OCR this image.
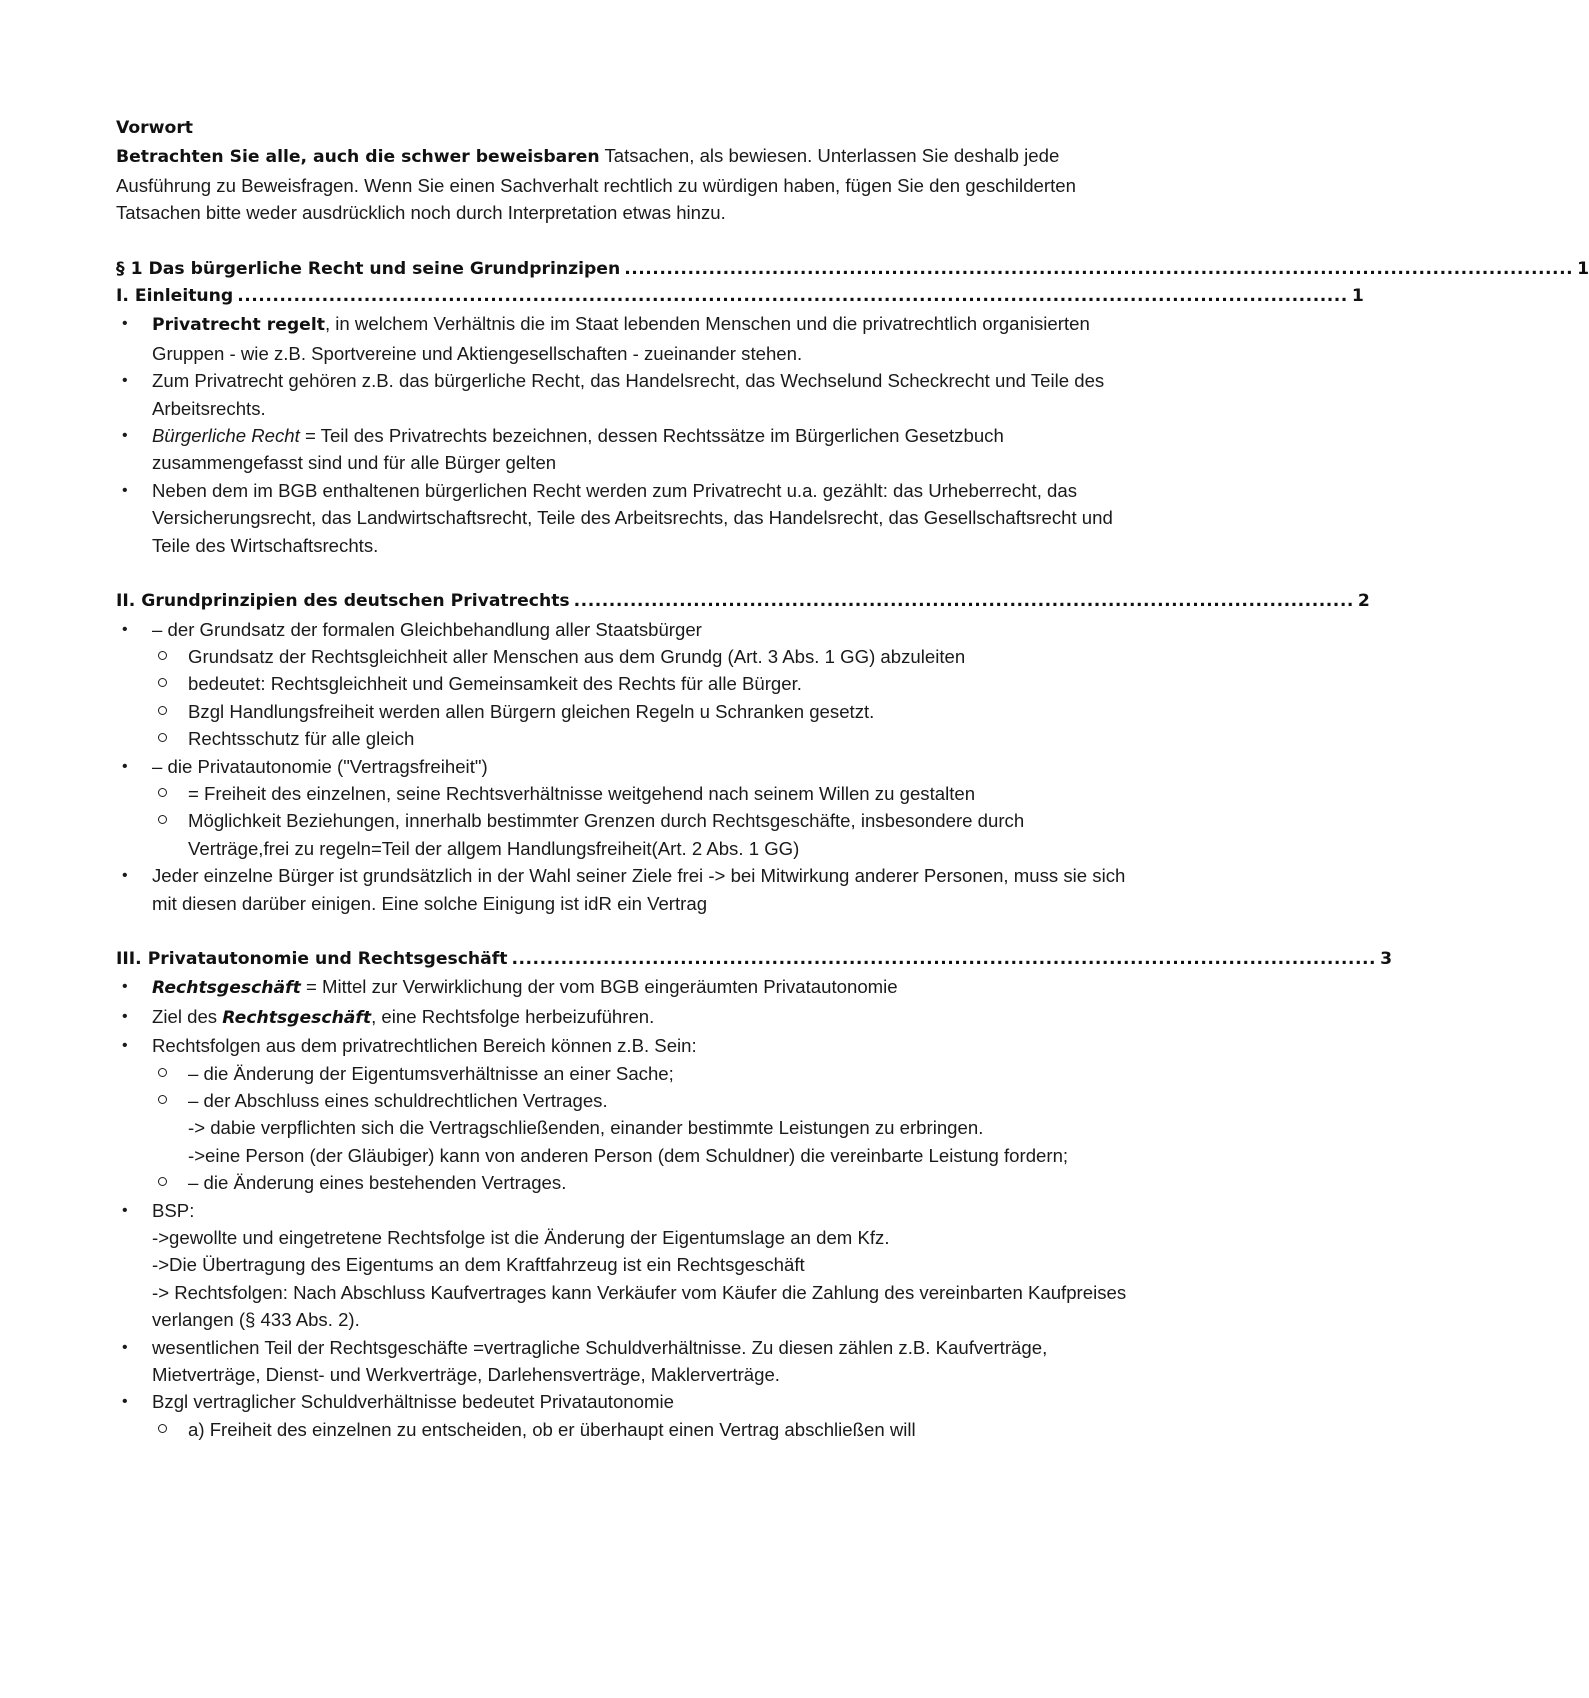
Vorwort

Betrachten Sie alle, auch die schwer beweisbaren Tatsachen, als bewiesen. Unterlassen Sie deshalb jede Ausführung zu Beweisfragen. Wenn Sie einen Sachverhalt rechtlich zu würdigen haben, fügen Sie den geschilderten Tatsachen bitte weder ausdrücklich noch durch Interpretation etwas hinzu.

§ 1 Das bürgerliche Recht und seine Grundprinzipen ....................................................................................................................................... 1
I. Einleitung .............................................................................................................................................................. 1
• Privatrecht regelt, in welchem Verhältnis die im Staat lebenden Menschen und die privatrechtlich organisierten Gruppen - wie z.B. Sportvereine und Aktiengesellschaften - zueinander stehen.
• Zum Privatrecht gehören z.B. das bürgerliche Recht, das Handelsrecht, das Wechselund Scheckrecht und Teile des Arbeitsrechts.
• Bürgerliche Recht = Teil des Privatrechts bezeichnen, dessen Rechtssätze im Bürgerlichen Gesetzbuch zusammengefasst sind und für alle Bürger gelten
• Neben dem im BGB enthaltenen bürgerlichen Recht werden zum Privatrecht u.a. gezählt: das Urheberrecht, das Versicherungsrecht, das Landwirtschaftsrecht, Teile des Arbeitsrechts, das Handelsrecht, das Gesellschaftsrecht und Teile des Wirtschaftsrechts.
II. Grundprinzipien des deutschen Privatrechts ............................................................................................................... 2
• – der Grundsatz der formalen Gleichbehandlung aller Staatsbürger
Grundsatz der Rechtsgleichheit aller Menschen aus dem Grundg (Art. 3 Abs. 1 GG) abzuleiten
bedeutet: Rechtsgleichheit und Gemeinsamkeit des Rechts für alle Bürger.
Bzgl Handlungsfreiheit werden allen Bürgern gleichen Regeln u Schranken gesetzt.
Rechtsschutz für alle gleich
• – die Privatautonomie ("Vertragsfreiheit")
= Freiheit des einzelnen, seine Rechtsverhältnisse weitgehend nach seinem Willen zu gestalten
Möglichkeit Beziehungen, innerhalb bestimmter Grenzen durch Rechtsgeschäfte, insbesondere durch Verträge,frei zu regeln=Teil der allgem Handlungsfreiheit(Art. 2 Abs. 1 GG)
• Jeder einzelne Bürger ist grundsätzlich in der Wahl seiner Ziele frei -> bei Mitwirkung anderer Personen, muss sie sich mit diesen darüber einigen. Eine solche Einigung ist idR ein Vertrag
III. Privatautonomie und Rechtsgeschäft ........................................................................................................................... 3
• Rechtsgeschäft = Mittel zur Verwirklichung der vom BGB eingeräumten Privatautonomie
• Ziel des Rechtsgeschäft, eine Rechtsfolge herbeizuführen.
• Rechtsfolgen aus dem privatrechtlichen Bereich können z.B. Sein:
– die Änderung der Eigentumsverhältnisse an einer Sache;
– der Abschluss eines schuldrechtlichen Vertrages.
-> dabie verpflichten sich die Vertragschließenden, einander bestimmte Leistungen zu erbringen.
->eine Person (der Gläubiger) kann von anderen Person (dem Schuldner) die vereinbarte Leistung fordern;
– die Änderung eines bestehenden Vertrages.
• BSP:
->gewollte und eingetretene Rechtsfolge ist die Änderung der Eigentumslage an dem Kfz.
->Die Übertragung des Eigentums an dem Kraftfahrzeug ist ein Rechtsgeschäft
-> Rechtsfolgen: Nach Abschluss Kaufvertrages kann Verkäufer vom Käufer die Zahlung des vereinbarten Kaufpreises verlangen (§ 433 Abs. 2).
• wesentlichen Teil der Rechtsgeschäfte =vertragliche Schuldverhältnisse. Zu diesen zählen z.B. Kaufverträge, Mietverträge, Dienst- und Werkverträge, Darlehensverträge, Maklerverträge.
• Bzgl vertraglicher Schuldverhältnisse bedeutet Privatautonomie
a) Freiheit des einzelnen zu entscheiden, ob er überhaupt einen Vertrag abschließen will
